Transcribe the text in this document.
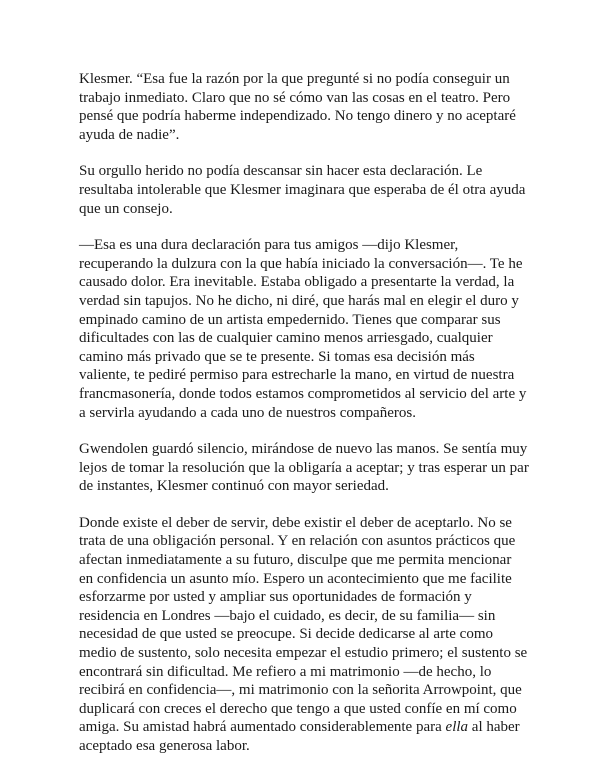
Klesmer. “Esa fue la razón por la que pregunté si no podía conseguir un trabajo inmediato. Claro que no sé cómo van las cosas en el teatro. Pero pensé que podría haberme independizado. No tengo dinero y no aceptaré ayuda de nadie”.

Su orgullo herido no podía descansar sin hacer esta declaración. Le resultaba intolerable que Klesmer imaginara que esperaba de él otra ayuda que un consejo.

—Esa es una dura declaración para tus amigos —dijo Klesmer, recuperando la dulzura con la que había iniciado la conversación—. Te he causado dolor. Era inevitable. Estaba obligado a presentarte la verdad, la verdad sin tapujos. No he dicho, ni diré, que harás mal en elegir el duro y empinado camino de un artista empedernido. Tienes que comparar sus dificultades con las de cualquier camino menos arriesgado, cualquier camino más privado que se te presente. Si tomas esa decisión más valiente, te pediré permiso para estrecharle la mano, en virtud de nuestra francmasonería, donde todos estamos comprometidos al servicio del arte y a servirla ayudando a cada uno de nuestros compañeros.

Gwendolen guardó silencio, mirándose de nuevo las manos. Se sentía muy lejos de tomar la resolución que la obligaría a aceptar; y tras esperar un par de instantes, Klesmer continuó con mayor seriedad.

Donde existe el deber de servir, debe existir el deber de aceptarlo. No se trata de una obligación personal. Y en relación con asuntos prácticos que afectan inmediatamente a su futuro, disculpe que me permita mencionar en confidencia un asunto mío. Espero un acontecimiento que me facilite esforzarme por usted y ampliar sus oportunidades de formación y residencia en Londres —bajo el cuidado, es decir, de su familia— sin necesidad de que usted se preocupe. Si decide dedicarse al arte como medio de sustento, solo necesita empezar el estudio primero; el sustento se encontrará sin dificultad. Me refiero a mi matrimonio —de hecho, lo recibirá en confidencia—, mi matrimonio con la señorita Arrowpoint, que duplicará con creces el derecho que tengo a que usted confíe en mí como amiga. Su amistad habrá aumentado considerablemente para ella al haber aceptado esa generosa labor.
